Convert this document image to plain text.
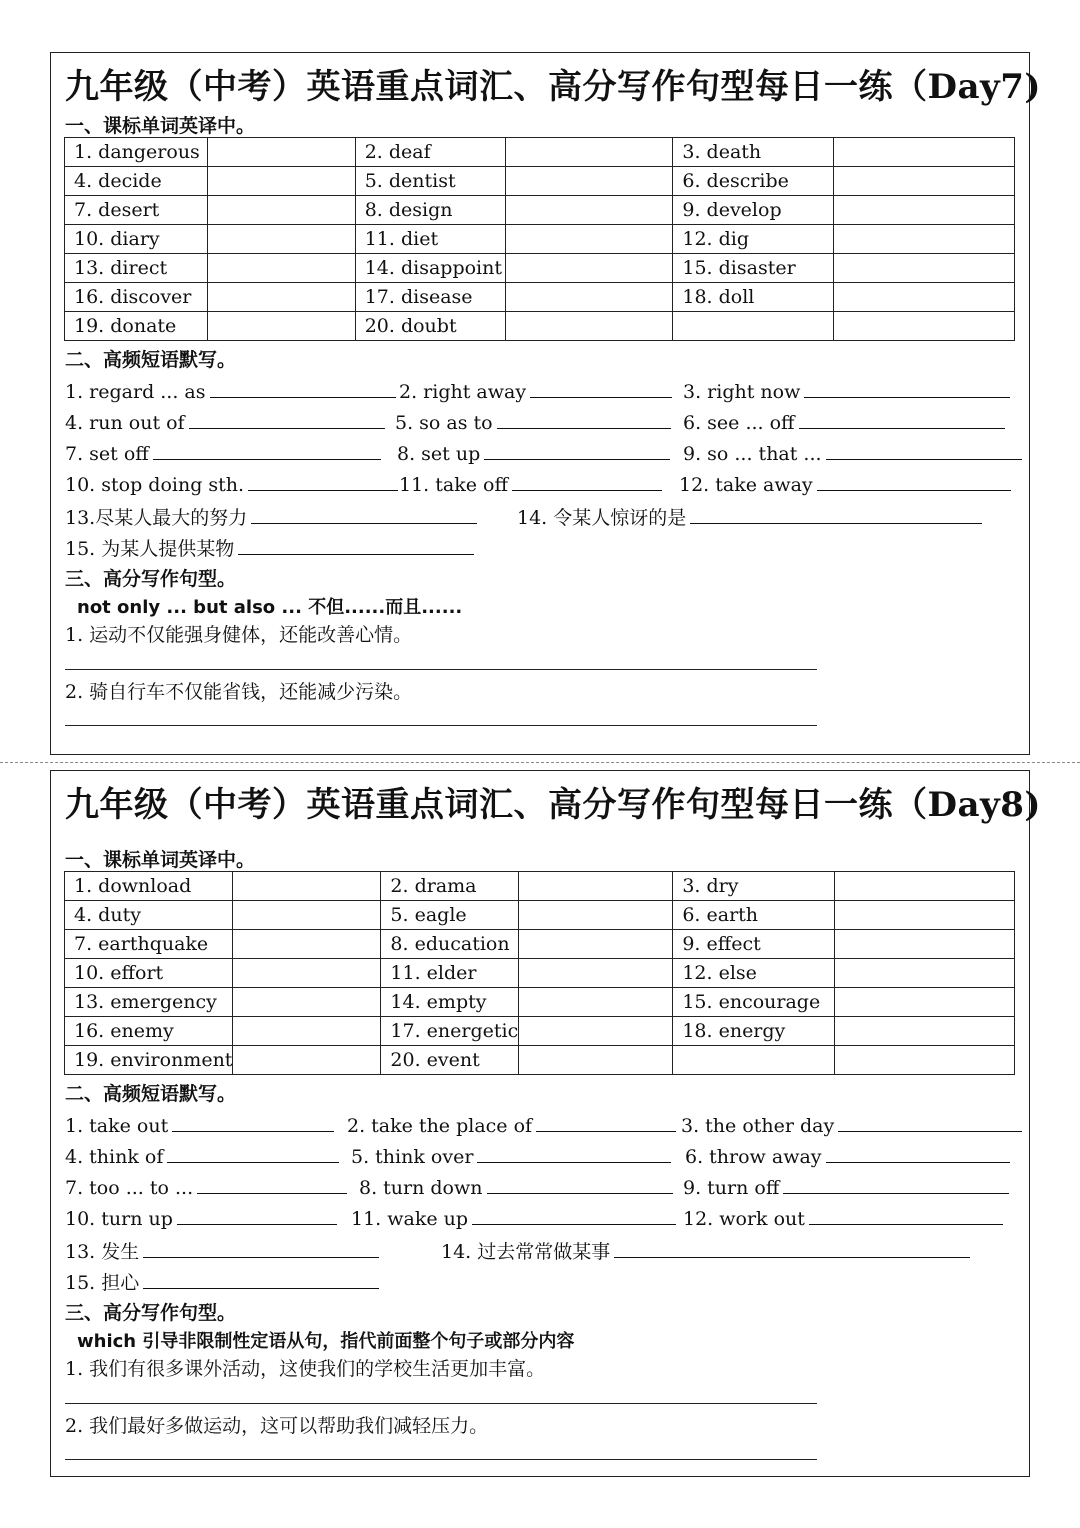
九年级（中考）英语重点词汇、高分写作句型每日一练（Day7)
一、课标单词英译中。
1. dangerous		2. deaf		3. death	
4. decide		5. dentist		6. describe	
7. desert		8. design		9. develop	
10. diary		11. diet		12. dig	
13. direct		14. disappoint		15. disaster	
16. discover		17. disease		18. doll	
19. donate		20. doubt			
二、高频短语默写。
1. regard ... as	2. right away	3. right now
4. run out of	5. so as to	6. see ... off
7. set off	8. set up	9. so ... that ...
10. stop doing sth.	11. take off	12. take away
13.尽某人最大的努力	14. 令某人惊讶的是
15. 为某人提供某物
三、高分写作句型。
not only ... but also ... 不但......而且......
1. 运动不仅能强身健体，还能改善心情。
2. 骑自行车不仅能省钱，还能减少污染。
九年级（中考）英语重点词汇、高分写作句型每日一练（Day8)
一、课标单词英译中。
1. download		2. drama		3. dry	
4. duty		5. eagle		6. earth	
7. earthquake		8. education		9. effect	
10. effort		11. elder		12. else	
13. emergency		14. empty		15. encourage	
16. enemy		17. energetic		18. energy	
19. environment		20. event			
二、高频短语默写。
1. take out	2. take the place of	3. the other day
4. think of	5. think over	6. throw away
7. too ... to ...	8. turn down	9. turn off
10. turn up	11. wake up	12. work out
13. 发生	14. 过去常常做某事
15. 担心
三、高分写作句型。
which 引导非限制性定语从句，指代前面整个句子或部分内容
1. 我们有很多课外活动，这使我们的学校生活更加丰富。
2. 我们最好多做运动，这可以帮助我们减轻压力。
